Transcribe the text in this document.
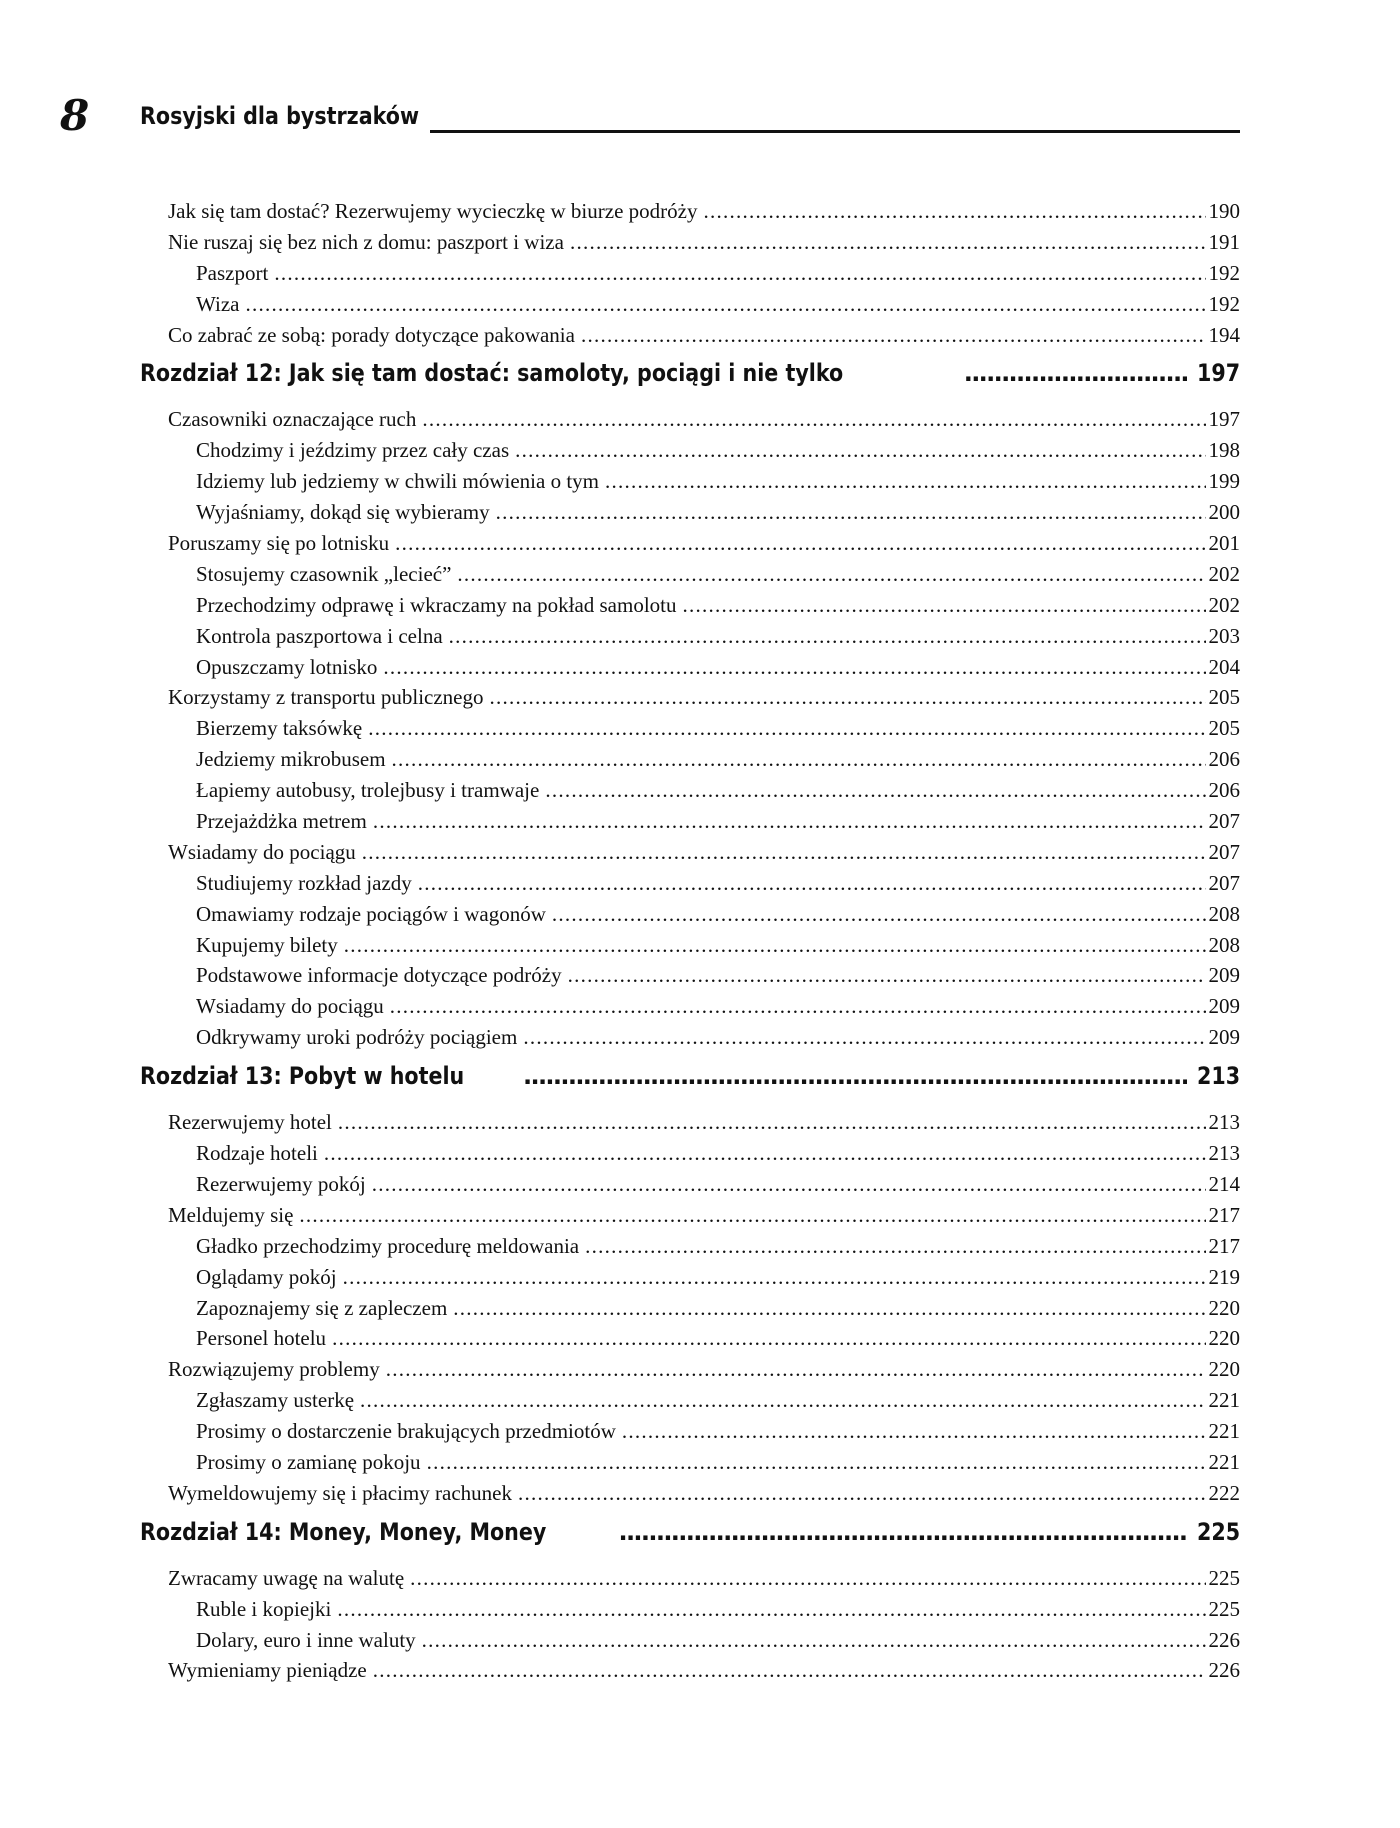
8 Rosyjski dla bystrzaków
Jak się tam dostać? Rezerwujemy wycieczkę w biurze podróży . . .	190
Nie ruszaj się bez nich z domu: paszport i wiza . . .	191
Paszport . . .	192
Wiza . . .	192
Co zabrać ze sobą: porady dotyczące pakowania . . .	194
Rozdział 12: Jak się tam dostać: samoloty, pociągi i nie tylko . . .	197
Czasowniki oznaczające ruch . . .	197
Chodzimy i jeździmy przez cały czas . . .	198
Idziemy lub jedziemy w chwili mówienia o tym . . .	199
Wyjaśniamy, dokąd się wybieramy . . .	200
Poruszamy się po lotnisku . . .	201
Stosujemy czasownik „lecieć” . . .	202
Przechodzimy odprawę i wkraczamy na pokład samolotu . . .	202
Kontrola paszportowa i celna . . .	203
Opuszczamy lotnisko . . .	204
Korzystamy z transportu publicznego . . .	205
Bierzemy taksówkę . . .	205
Jedziemy mikrobusem . . .	206
Łapiemy autobusy, trolejbusy i tramwaje . . .	206
Przejażdżka metrem . . .	207
Wsiadamy do pociągu . . .	207
Studiujemy rozkład jazdy . . .	207
Omawiamy rodzaje pociągów i wagonów . . .	208
Kupujemy bilety . . .	208
Podstawowe informacje dotyczące podróży . . .	209
Wsiadamy do pociągu . . .	209
Odkrywamy uroki podróży pociągiem . . .	209
Rozdział 13: Pobyt w hotelu . . .	213
Rezerwujemy hotel . . .	213
Rodzaje hoteli . . .	213
Rezerwujemy pokój . . .	214
Meldujemy się . . .	217
Gładko przechodzimy procedurę meldowania . . .	217
Oglądamy pokój . . .	219
Zapoznajemy się z zapleczem . . .	220
Personel hotelu . . .	220
Rozwiązujemy problemy . . .	220
Zgłaszamy usterkę . . .	221
Prosimy o dostarczenie brakujących przedmiotów . . .	221
Prosimy o zamianę pokoju . . .	221
Wymeldowujemy się i płacimy rachunek . . .	222
Rozdział 14: Money, Money, Money . . .	225
Zwracamy uwagę na walutę . . .	225
Ruble i kopiejki . . .	225
Dolary, euro i inne waluty . . .	226
Wymieniamy pieniądze . . .	226
